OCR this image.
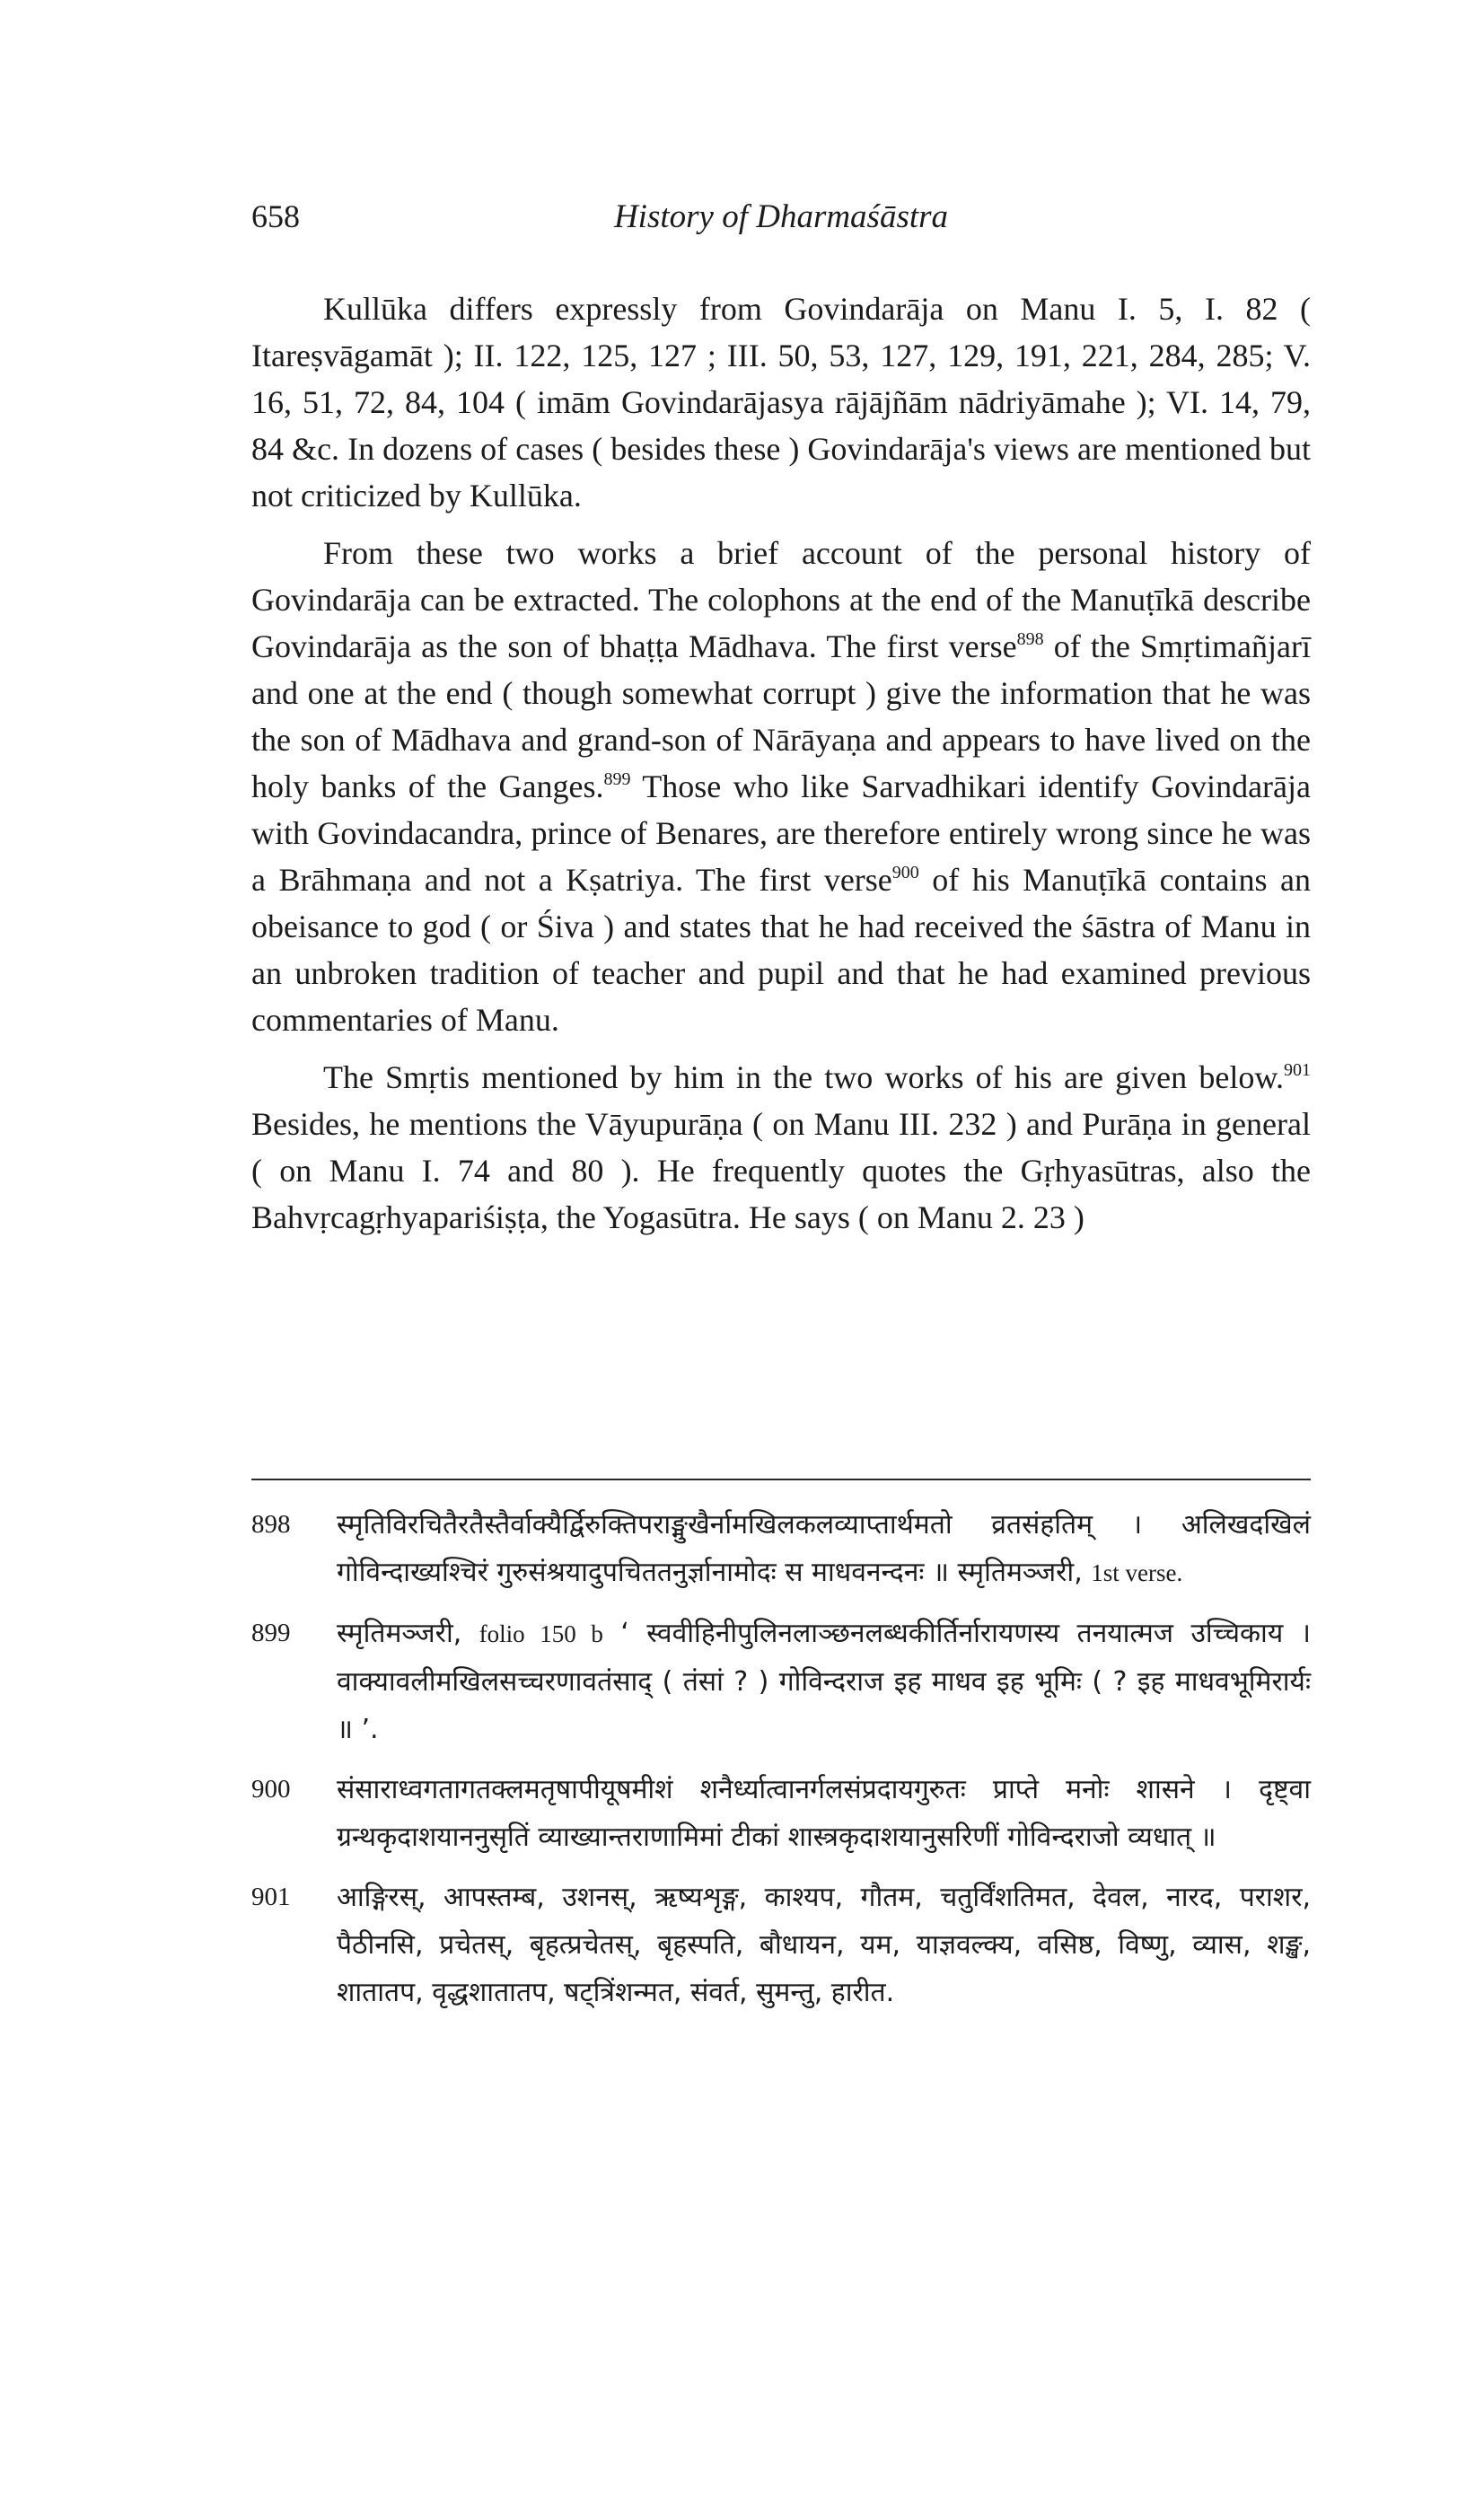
658	History of Dharmaśāstra

Kullūka differs expressly from Govindarāja on Manu I. 5, I. 82 ( Itareṣvāgamāt ); II. 122, 125, 127 ; III. 50, 53, 127, 129, 191, 221, 284, 285; V. 16, 51, 72, 84, 104 ( imām Govindarājasya rājājñām nādriyāmahe ); VI. 14, 79, 84 &c. In dozens of cases ( besides these ) Govindarāja's views are mentioned but not criticized by Kullūka.

From these two works a brief account of the personal history of Govindarāja can be extracted. The colophons at the end of the Manuṭīkā describe Govindarāja as the son of bhaṭṭa Mādhava. The first verse$^{898}$ of the Smṛtimañjarī and one at the end ( though somewhat corrupt ) give the information that he was the son of Mādhava and grand-son of Nārāyaṇa and appears to have lived on the holy banks of the Ganges.$^{899}$ Those who like Sarvadhikari identify Govindarāja with Govindacandra, prince of Benares, are therefore entirely wrong since he was a Brāhmaṇa and not a Kṣatriya. The first verse$^{900}$ of his Manuṭīkā contains an obeisance to god ( or Śiva ) and states that he had received the śāstra of Manu in an unbroken tradition of teacher and pupil and that he had examined previous commentaries of Manu.

The Smṛtis mentioned by him in the two works of his are given below.$^{901}$ Besides, he mentions the Vāyupurāṇa ( on Manu III. 232 ) and Purāṇa in general ( on Manu I. 74 and 80 ). He frequently quotes the Gṛhyasūtras, also the Bahvṛcagṛhyapariśiṣṭa, the Yogasūtra. He says ( on Manu 2. 23 )

898 स्मृतिविरचितैरतैस्तैर्वाक्यैर्द्विरुक्तिपराङ्मुखैर्नामखिलकलव्याप्तार्थमतो व्रतसंहतिम् । अलिखदखिलं गोविन्दाख्यश्चिरं गुरुसंश्रयादुपचिततनुर्ज्ञानामोदः स माधवनन्दनः ॥ स्मृतिमञ्जरी, 1st verse.
899 स्मृतिमञ्जरी, folio 150 b ‘ स्ववीहिनीपुलिनलाञ्छनलब्धकीर्तिर्नारायणस्य तनयात्मज उच्चिकाय । वाक्यावलीमखिलसच्चरणावतंसाद् ( तंसां ? ) गोविन्दराज इह माधव इह भूमिः ( ? इह माधवभूमिरार्यः ॥ ’.
900 संसाराध्वगतागतक्लमतृषापीयूषमीशं शनैर्ध्यात्वानर्गलसंप्रदायगुरुतः प्राप्ते मनोः शासने । दृष्ट्वा ग्रन्थकृदाशयाननुसृतिं व्याख्यान्तराणामिमां टीकां शास्त्रकृदाशयानुसरिणीं गोविन्दराजो व्यधात् ॥
901 आङ्गिरस्, आपस्तम्ब, उशनस्, ऋष्यशृङ्ग, काश्यप, गौतम, चतुर्विंशतिमत, देवल, नारद, पराशर, पैठीनसि, प्रचेतस्, बृहत्प्रचेतस्, बृहस्पति, बौधायन, यम, याज्ञवल्क्य, वसिष्ठ, विष्णु, व्यास, शङ्ख, शातातप, वृद्धशातातप, षट्त्रिंशन्मत, संवर्त, सुमन्तु, हारीत.
